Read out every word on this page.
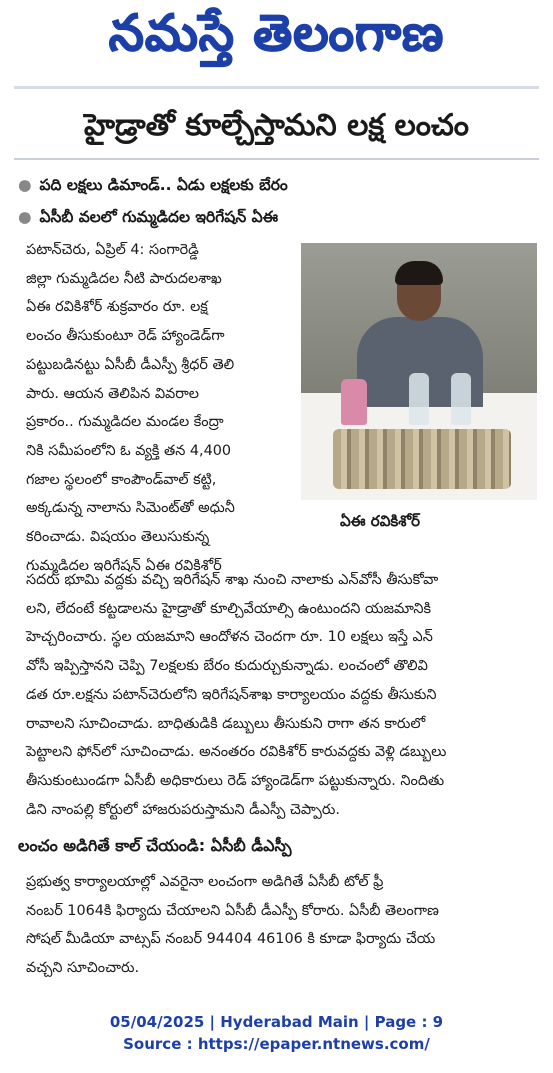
నమస్తే తెలంగాణ
హైడ్రాతో కూల్చేస్తామని లక్ష లంచం
● పది లక్షలు డిమాండ్.. ఏడు లక్షలకు బేరం
● ఏసీబీ వలలో గుమ్మడిదల ఇరిగేషన్ ఏఈ
పటాన్‌చెరు, ఏప్రిల్ 4: సంగారెడ్డి
జిల్లా గుమ్మడిదల నీటి పారుదలశాఖ
ఏఈ రవికిశోర్ శుక్రవారం రూ. లక్ష
లంచం తీసుకుంటూ రెడ్ హ్యాండెడ్‌గా
పట్టుబడినట్టు ఏసీబీ డీఎస్పీ శ్రీధర్ తెలి
పారు. ఆయన తెలిపిన వివరాల
ప్రకారం.. గుమ్మడిదల మండల కేంద్రా
నికి సమీపంలోని ఓ వ్యక్తి తన 4,400
గజాల స్థలంలో కాంపౌండ్‌వాల్ కట్టి,
అక్కడున్న నాలాను సిమెంట్‌తో అధునీ
కరించాడు. విషయం తెలుసుకున్న
గుమ్మడిదల ఇరిగేషన్ ఏఈ రవికిశోర్
ఏఈ రవికిశోర్
సదరు భూమి వద్దకు వచ్చి ఇరిగేషన్ శాఖ నుంచి నాలాకు ఎన్‌వోసీ తీసుకోవా
లని, లేదంటే కట్టడాలను హైడ్రాతో కూల్చివేయాల్సి ఉంటుందని యజమానికి
హెచ్చరించారు. స్థల యజమాని ఆందోళన చెందగా రూ. 10 లక్షలు ఇస్తే ఎన్
వోసీ ఇప్పిస్తానని చెప్పి 7లక్షలకు బేరం కుదుర్చుకున్నాడు. లంచంలో తొలివి
డత రూ.లక్షను పటాన్‌చెరులోని ఇరిగేషన్‌శాఖ కార్యాలయం వద్దకు తీసుకుని
రావాలని సూచించాడు. బాధితుడికి డబ్బులు తీసుకుని రాగా తన కారులో
పెట్టాలని ఫోన్‌లో సూచించాడు. అనంతరం రవికిశోర్ కారువద్దకు వెళ్లి డబ్బులు
తీసుకుంటుండగా ఏసీబీ అధికారులు రెడ్ హ్యాండెడ్‌గా పట్టుకున్నారు. నిందితు
డిని నాంపల్లి కోర్టులో హాజరుపరుస్తామని డీఎస్పీ చెప్పారు.
లంచం అడిగితే కాల్ చేయండి: ఏసీబీ డీఎస్పీ
ప్రభుత్వ కార్యాలయాల్లో ఎవరైనా లంచంగా అడిగితే ఏసీబీ టోల్ ఫ్రీ
నంబర్ 1064కి ఫిర్యాదు చేయాలని ఏసీబీ డీఎస్పీ కోరారు. ఏసీబీ తెలంగాణ
సోషల్ మీడియా వాట్సప్ నంబర్ 94404 46106 కి కూడా ఫిర్యాదు చేయ
వచ్చని సూచించారు.
05/04/2025 | Hyderabad Main | Page : 9
Source : https://epaper.ntnews.com/
